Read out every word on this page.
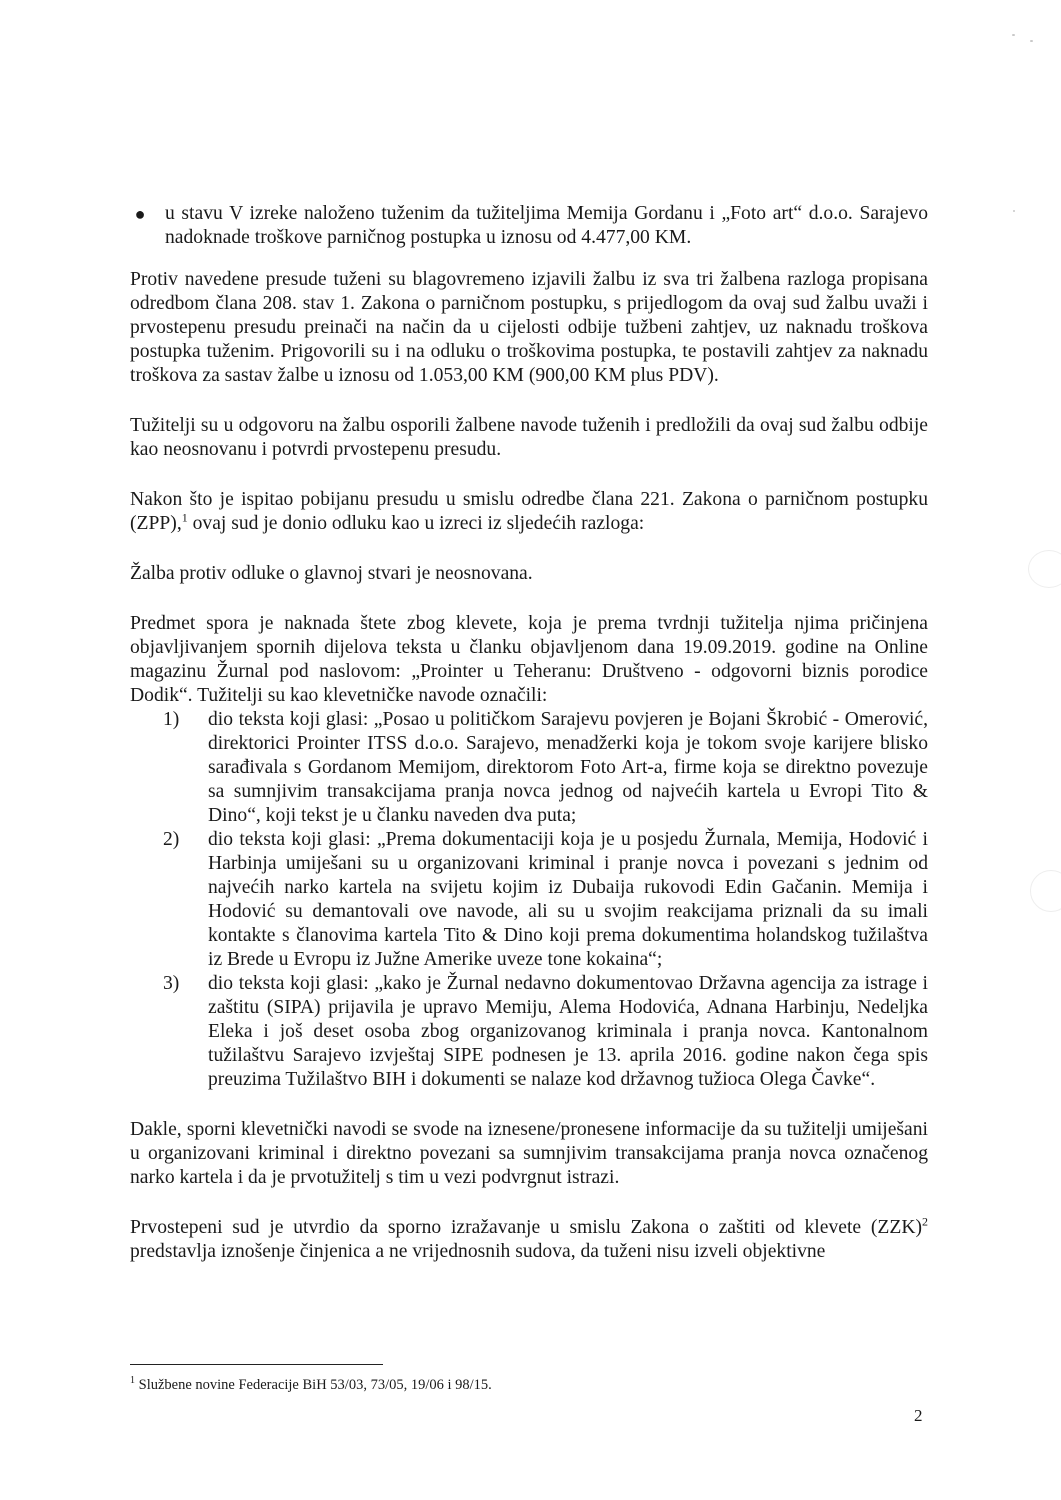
● u stavu V izreke naloženo tuženim da tužiteljima Memija Gordanu i „Foto art“ d.o.o. Sarajevo nadoknade troškove parničnog postupka u iznosu od 4.477,00 KM.

Protiv navedene presude tuženi su blagovremeno izjavili žalbu iz sva tri žalbena razloga propisana odredbom člana 208. stav 1. Zakona o parničnom postupku, s prijedlogom da ovaj sud žalbu uvaži i prvostepenu presudu preinači na način da u cijelosti odbije tužbeni zahtjev, uz naknadu troškova postupka tuženim. Prigovorili su i na odluku o troškovima postupka, te postavili zahtjev za naknadu troškova za sastav žalbe u iznosu od 1.053,00 KM (900,00 KM plus PDV).

Tužitelji su u odgovoru na žalbu osporili žalbene navode tuženih i predložili da ovaj sud žalbu odbije kao neosnovanu i potvrdi prvostepenu presudu.

Nakon što je ispitao pobijanu presudu u smislu odredbe člana 221. Zakona o parničnom postupku (ZPP),$^1$ ovaj sud je donio odluku kao u izreci iz sljedećih razloga:

Žalba protiv odluke o glavnoj stvari je neosnovana.

Predmet spora je naknada štete zbog klevete, koja je prema tvrdnji tužitelja njima pričinjena objavljivanjem spornih dijelova teksta u članku objavljenom dana 19.09.2019. godine na Online magazinu Žurnal pod naslovom: „Prointer u Teheranu: Društveno - odgovorni biznis porodice Dodik“. Tužitelji su kao klevetničke navode označili:

1) dio teksta koji glasi: „Posao u političkom Sarajevu povjeren je Bojani Škrobić - Omerović, direktorici Prointer ITSS d.o.o. Sarajevo, menadžerki koja je tokom svoje karijere blisko sarađivala s Gordanom Memijom, direktorom Foto Art-a, firme koja se direktno povezuje sa sumnjivim transakcijama pranja novca jednog od najvećih kartela u Evropi Tito & Dino“, koji tekst je u članku naveden dva puta;
2) dio teksta koji glasi: „Prema dokumentaciji koja je u posjedu Žurnala, Memija, Hodović i Harbinja umiješani su u organizovani kriminal i pranje novca i povezani s jednim od najvećih narko kartela na svijetu kojim iz Dubaija rukovodi Edin Gačanin. Memija i Hodović su demantovali ove navode, ali su u svojim reakcijama priznali da su imali kontakte s članovima kartela Tito & Dino koji prema dokumentima holandskog tužilaštva iz Brede u Evropu iz Južne Amerike uveze tone kokaina“;
3) dio teksta koji glasi: „kako je Žurnal nedavno dokumentovao Državna agencija za istrage i zaštitu (SIPA) prijavila je upravo Memiju, Alema Hodovića, Adnana Harbinju, Nedeljka Eleka i još deset osoba zbog organizovanog kriminala i pranja novca. Kantonalnom tužilaštvu Sarajevo izvještaj SIPE podnesen je 13. aprila 2016. godine nakon čega spis preuzima Tužilaštvo BIH i dokumenti se nalaze kod državnog tužioca Olega Čavke“.

Dakle, sporni klevetnički navodi se svode na iznesene/pronesene informacije da su tužitelji umiješani u organizovani kriminal i direktno povezani sa sumnjivim transakcijama pranja novca označenog narko kartela i da je prvotužitelj s tim u vezi podvrgnut istrazi.

Prvostepeni sud je utvrdio da sporno izražavanje u smislu Zakona o zaštiti od klevete (ZZK)$^2$ predstavlja iznošenje činjenica a ne vrijednosnih sudova, da tuženi nisu izveli objektivne

$^1$ Službene novine Federacije BiH 53/03, 73/05, 19/06 i 98/15.
2
